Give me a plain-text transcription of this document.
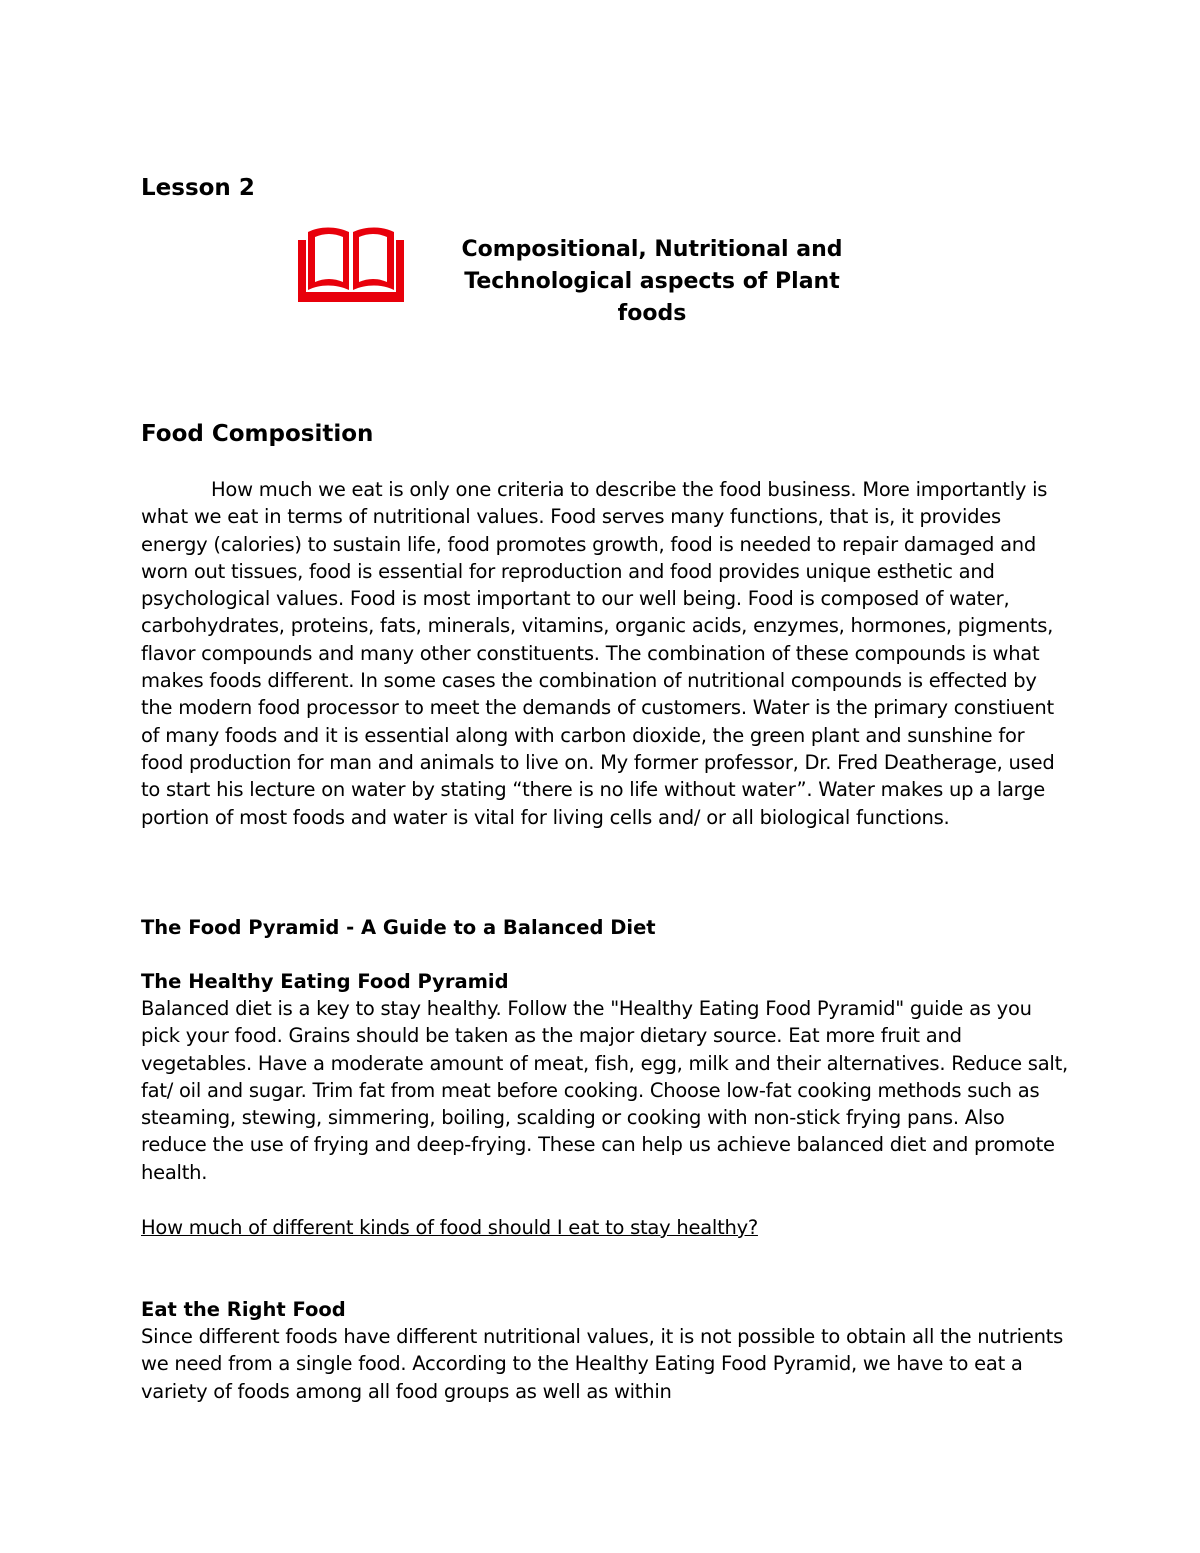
Lesson 2
Compositional, Nutritional and
Technological aspects of Plant
foods
Food Composition

How much we eat is only one criteria to describe the food business. More importantly is what we eat in terms of nutritional values. Food serves many functions, that is, it provides energy (calories) to sustain life, food promotes growth, food is needed to repair damaged and worn out tissues, food is essential for reproduction and food provides unique esthetic and psychological values. Food is most important to our well being. Food is composed of water, carbohydrates, proteins, fats, minerals, vitamins, organic acids, enzymes, hormones, pigments, flavor compounds and many other constituents. The combination of these compounds is what makes foods different. In some cases the combination of nutritional compounds is effected by the modern food processor to meet the demands of customers. Water is the primary constiuent of many foods and it is essential along with carbon dioxide, the green plant and sunshine for food production for man and animals to live on. My former professor, Dr. Fred Deatherage, used to start his lecture on water by stating “there is no life without water”. Water makes up a large portion of most foods and water is vital for living cells and/ or all biological functions.

The Food Pyramid - A Guide to a Balanced Diet
The Healthy Eating Food Pyramid

Balanced diet is a key to stay healthy. Follow the "Healthy Eating Food Pyramid" guide as you pick your food. Grains should be taken as the major dietary source. Eat more fruit and vegetables. Have a moderate amount of meat, fish, egg, milk and their alternatives. Reduce salt, fat/ oil and sugar. Trim fat from meat before cooking. Choose low-fat cooking methods such as steaming, stewing, simmering, boiling, scalding or cooking with non-stick frying pans. Also reduce the use of frying and deep-frying. These can help us achieve balanced diet and promote health.

How much of different kinds of food should I eat to stay healthy?
Eat the Right Food

Since different foods have different nutritional values, it is not possible to obtain all the nutrients we need from a single food. According to the Healthy Eating Food Pyramid, we have to eat a variety of foods among all food groups as well as within
